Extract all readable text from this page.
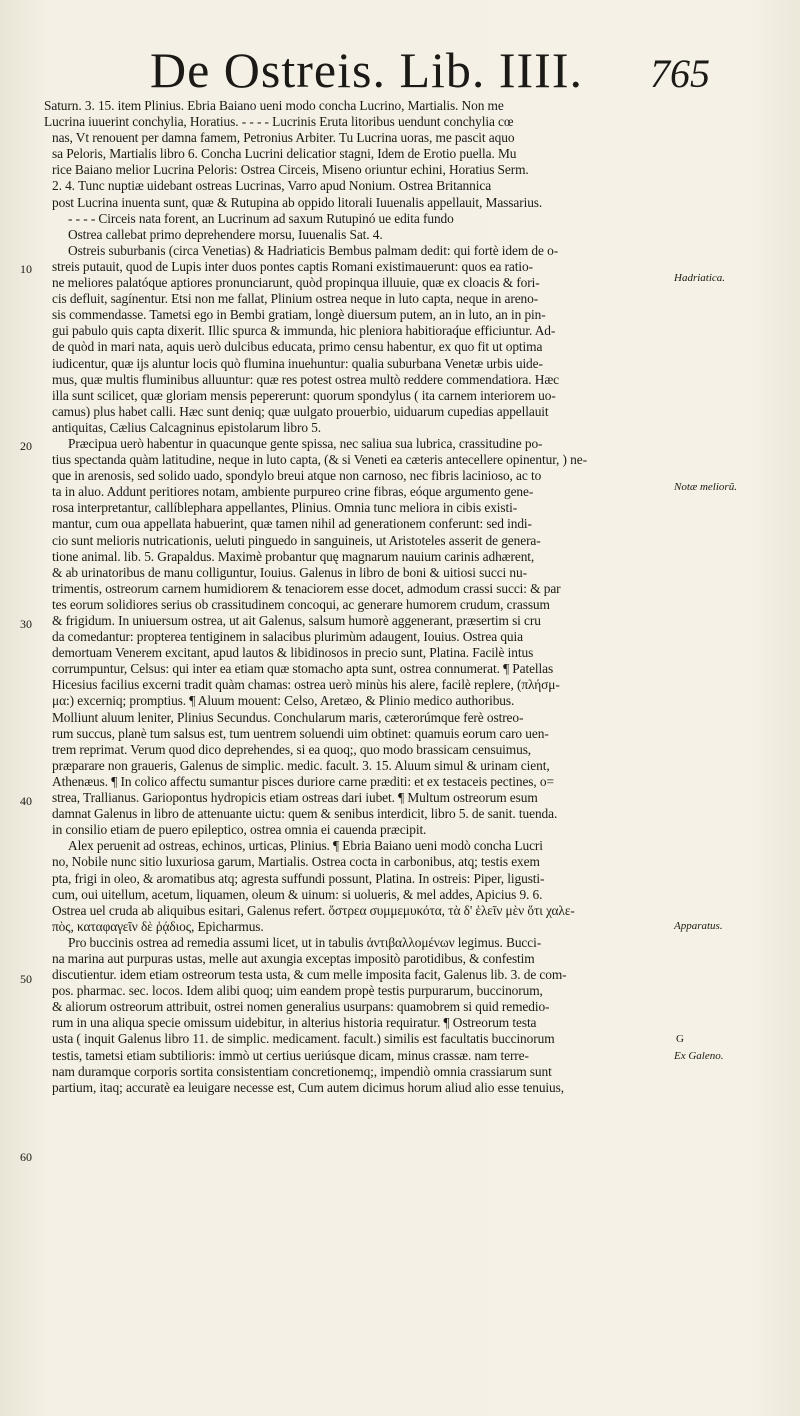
De Ostreis. Lib. IIII. 765
10
20
30
40
50
60
Hadriatica.
Notæ meliorũ.
Apparatus.
G
Ex Galeno.
Saturn. 3. 15. item Plinius. Ebria Baiano ueni modo concha Lucrino, Martialis. Non me
Lucrina iuuerint conchylia, Horatius. - - - - Lucrinis Eruta litoribus uendunt conchylia cœ
nas, Vt renouent per damna famem, Petronius Arbiter. Tu Lucrina uoras, me pascit aquo
sa Peloris, Martialis libro 6. Concha Lucrini delicatior stagni, Idem de Erotio puella. Mu
rice Baiano melior Lucrina Peloris: Ostrea Circeis, Miseno oriuntur echini, Horatius Serm.
2. 4. Tunc nuptiæ uidebant ostreas Lucrinas, Varro apud Nonium. Ostrea Britannica
post Lucrina inuenta sunt, quæ & Rutupina ab oppido litorali Iuuenalis appellauit, Massarius.
- - - - Circeis nata forent, an Lucrinum ad saxum Rutupinó ue edita fundo
Ostrea callebat primo deprehendere morsu, Iuuenalis Sat. 4.
Ostreis suburbanis (circa Venetias) & Hadriaticis Bembus palmam dedit: qui fortè idem de o-
streis putauit, quod de Lupis inter duos pontes captis Romani existimauerunt: quos ea ratio-
ne meliores palatóque aptiores pronunciarunt, quòd propinqua illuuie, quæ ex cloacis & fori-
cis defluit, sagínentur. Etsi non me fallat, Plinium ostrea neque in luto capta, neque in areno-
sis commendasse. Tametsi ego in Bembi gratiam, longè diuersum putem, an in luto, an in pin-
gui pabulo quis capta dixerit. Illic spurca & immunda, hic pleniora habitioraq́ue efficiuntur. Ad-
de quòd in mari nata, aquis uerò dulcibus educata, primo censu habentur, ex quo fit ut optima
iudicentur, quæ ijs aluntur locis quò flumina inuehuntur: qualia suburbana Venetæ urbis uide-
mus, quæ multis fluminibus alluuntur: quæ res potest ostrea multò reddere commendatiora. Hæc
illa sunt scilicet, quæ gloriam mensis pepererunt: quorum spondylus ( ita carnem interiorem uo-
camus) plus habet calli. Hæc sunt deniq; quæ uulgato prouerbio, uiduarum cupedias appellauit
antiquitas, Cælius Calcagninus epistolarum libro 5.
Præcipua uerò habentur in quacunque gente spissa, nec saliua sua lubrica, crassitudine po-
tius spectanda quàm latitudine, neque in luto capta, (& si Veneti ea cæteris antecellere opinentur, ) ne-
que in arenosis, sed solido uado, spondylo breui atque non carnoso, nec fibris lacinioso, ac to
ta in aluo. Addunt peritiores notam, ambiente purpureo crine fibras, eóque argumento gene-
rosa interpretantur, callíblephara appellantes, Plinius. Omnia tunc meliora in cibis existi-
mantur, cum oua appellata habuerint, quæ tamen nihil ad generationem conferunt: sed indi-
cio sunt melioris nutricationis, ueluti pinguedo in sanguineis, ut Aristoteles asserit de genera-
tione animal. lib. 5. Grapaldus. Maximè probantur quę magnarum nauium carinis adhærent,
& ab urinatoribus de manu colliguntur, Iouius. Galenus in libro de boni & uitiosi succi nu-
trimentis, ostreorum carnem humidiorem & tenaciorem esse docet, admodum crassi succi: & par
tes eorum solidiores serius ob crassitudinem concoqui, ac generare humorem crudum, crassum
& frigidum. In uniuersum ostrea, ut ait Galenus, salsum humorè aggenerant, præsertim si cru
da comedantur: propterea tentiginem in salacibus plurimùm adaugent, Iouius. Ostrea quia
demortuam Venerem excitant, apud lautos & libidinosos in precio sunt, Platina. Facilè intus
corrumpuntur, Celsus: qui inter ea etiam quæ stomacho apta sunt, ostrea connumerat. ¶ Patellas
Hicesius facilius excerni tradit quàm chamas: ostrea uerò minùs his alere, facilè replere, (πλήσμ-
μα:) excerniq; promptius. ¶ Aluum mouent: Celso, Aretæo, & Plinio medico authoribus.
Molliunt aluum leniter, Plinius Secundus. Conchularum maris, cæterorúmque ferè ostreo-
rum succus, planè tum salsus est, tum uentrem soluendi uim obtinet: quamuis eorum caro uen-
trem reprimat. Verum quod dico deprehendes, si ea quoq;, quo modo brassicam censuimus,
præparare non graueris, Galenus de simplic. medic. facult. 3. 15. Aluum simul & urinam cient,
Athenæus. ¶ In colico affectu sumantur pisces duriore carne præditi: et ex testaceis pectines, o=
strea, Trallianus. Gariopontus hydropicis etiam ostreas dari iubet. ¶ Multum ostreorum esum
damnat Galenus in libro de attenuante uictu: quem & senibus interdicit, libro 5. de sanit. tuenda.
in consilio etiam de puero epileptico, ostrea omnia ei cauenda præcipit.
Alex peruenit ad ostreas, echinos, urticas, Plinius. ¶ Ebria Baiano ueni modò concha Lucri
no, Nobile nunc sitio luxuriosa garum, Martialis. Ostrea cocta in carbonibus, atq; testis exem
pta, frigi in oleo, & aromatibus atq; agresta suffundi possunt, Platina. In ostreis: Piper, ligusti-
cum, oui uitellum, acetum, liquamen, oleum & uinum: si uolueris, & mel addes, Apicius 9. 6.
Ostrea uel cruda ab aliquibus esitari, Galenus refert. ὄστρεα συμμεμυκότα, τὰ δ' ἑλεῖν μὲν ὅτι χαλε-
πὸς, καταφαγεῖν δὲ ῥᾴδιος, Epicharmus.
Pro buccinis ostrea ad remedia assumi licet, ut in tabulis ἀντιβαλλομένων legimus. Bucci-
na marina aut purpuras ustas, melle aut axungia exceptas impositò parotidibus, & confestim
discutientur. idem etiam ostreorum testa usta, & cum melle imposita facit, Galenus lib. 3. de com-
pos. pharmac. sec. locos. Idem alibi quoq; uim eandem propè testis purpurarum, buccinorum,
& aliorum ostreorum attribuit, ostrei nomen generalius usurpans: quamobrem si quid remedio-
rum in una aliqua specie omissum uidebitur, in alterius historia requiratur. ¶ Ostreorum testa
usta ( inquit Galenus libro 11. de simplic. medicament. facult.) similis est facultatis buccinorum
testis, tametsi etiam subtilioris: immò ut certius ueriúsque dicam, minus crassæ. nam terre-
nam duramque corporis sortita consistentiam concretionemq;, impendiò omnia crassiarum sunt
partium, itaq; accuratè ea leuigare necesse est, Cum autem dicimus horum aliud alio esse tenuius,
